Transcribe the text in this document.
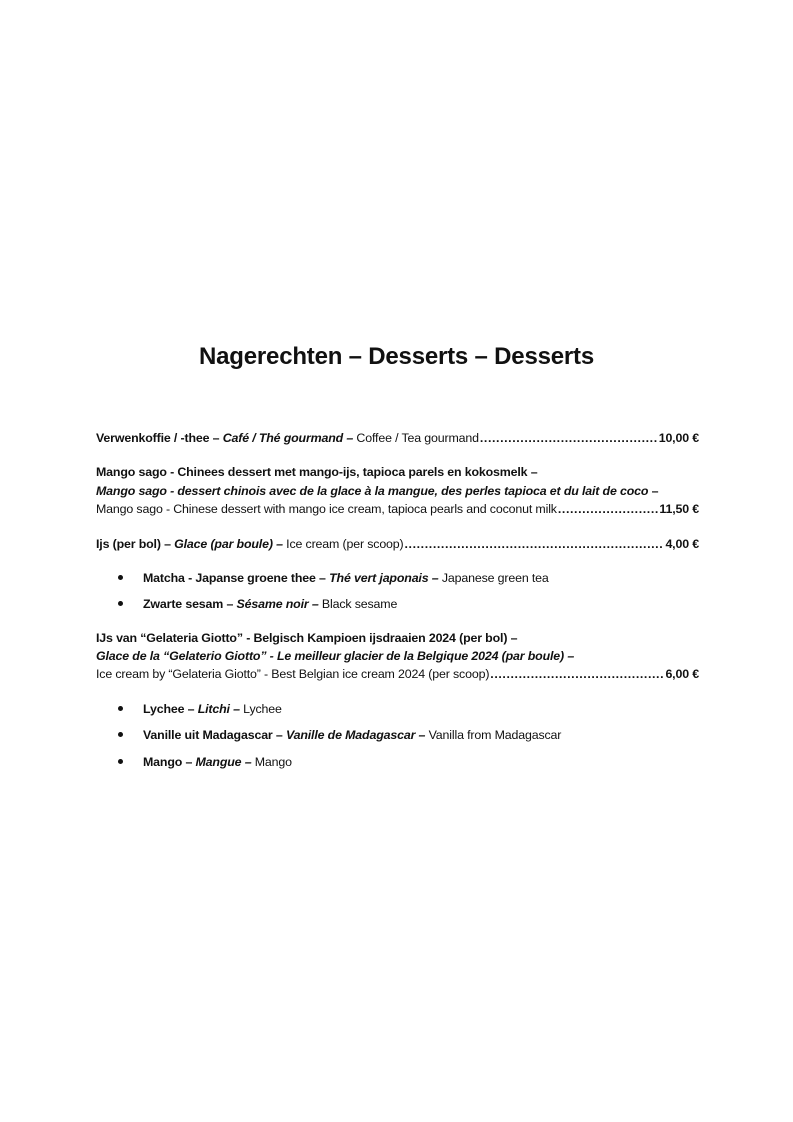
Nagerechten – Desserts – Desserts
Verwenkoffie / -thee –
Café / Thé gourmand –
Coffee / Tea gourmand .....	10,00 €
Mango sago - Chinees dessert met mango-ijs, tapioca parels en kokosmelk –
Mango sago - dessert chinois avec de la glace à la mangue, des perles tapioca et du lait de coco –
Mango sago - Chinese dessert with mango ice cream, tapioca pearls and coconut milk .....	11,50 €
Ijs (per bol) –
Glace (par boule) –
Ice cream (per scoop) .....	4,00 €
Matcha - Japanse groene thee – Thé vert japonais – Japanese green tea
Zwarte sesam – Sésame noir – Black sesame
IJs van “Gelateria Giotto” - Belgisch Kampioen ijsdraaien 2024 (per bol) –
Glace de la “Gelaterio Giotto” - Le meilleur glacier de la Belgique 2024 (par boule) –
Ice cream by “Gelateria Giotto” - Best Belgian ice cream 2024 (per scoop) .....	6,00 €
Lychee – Litchi – Lychee
Vanille uit Madagascar – Vanille de Madagascar – Vanilla from Madagascar
Mango – Mangue – Mango
